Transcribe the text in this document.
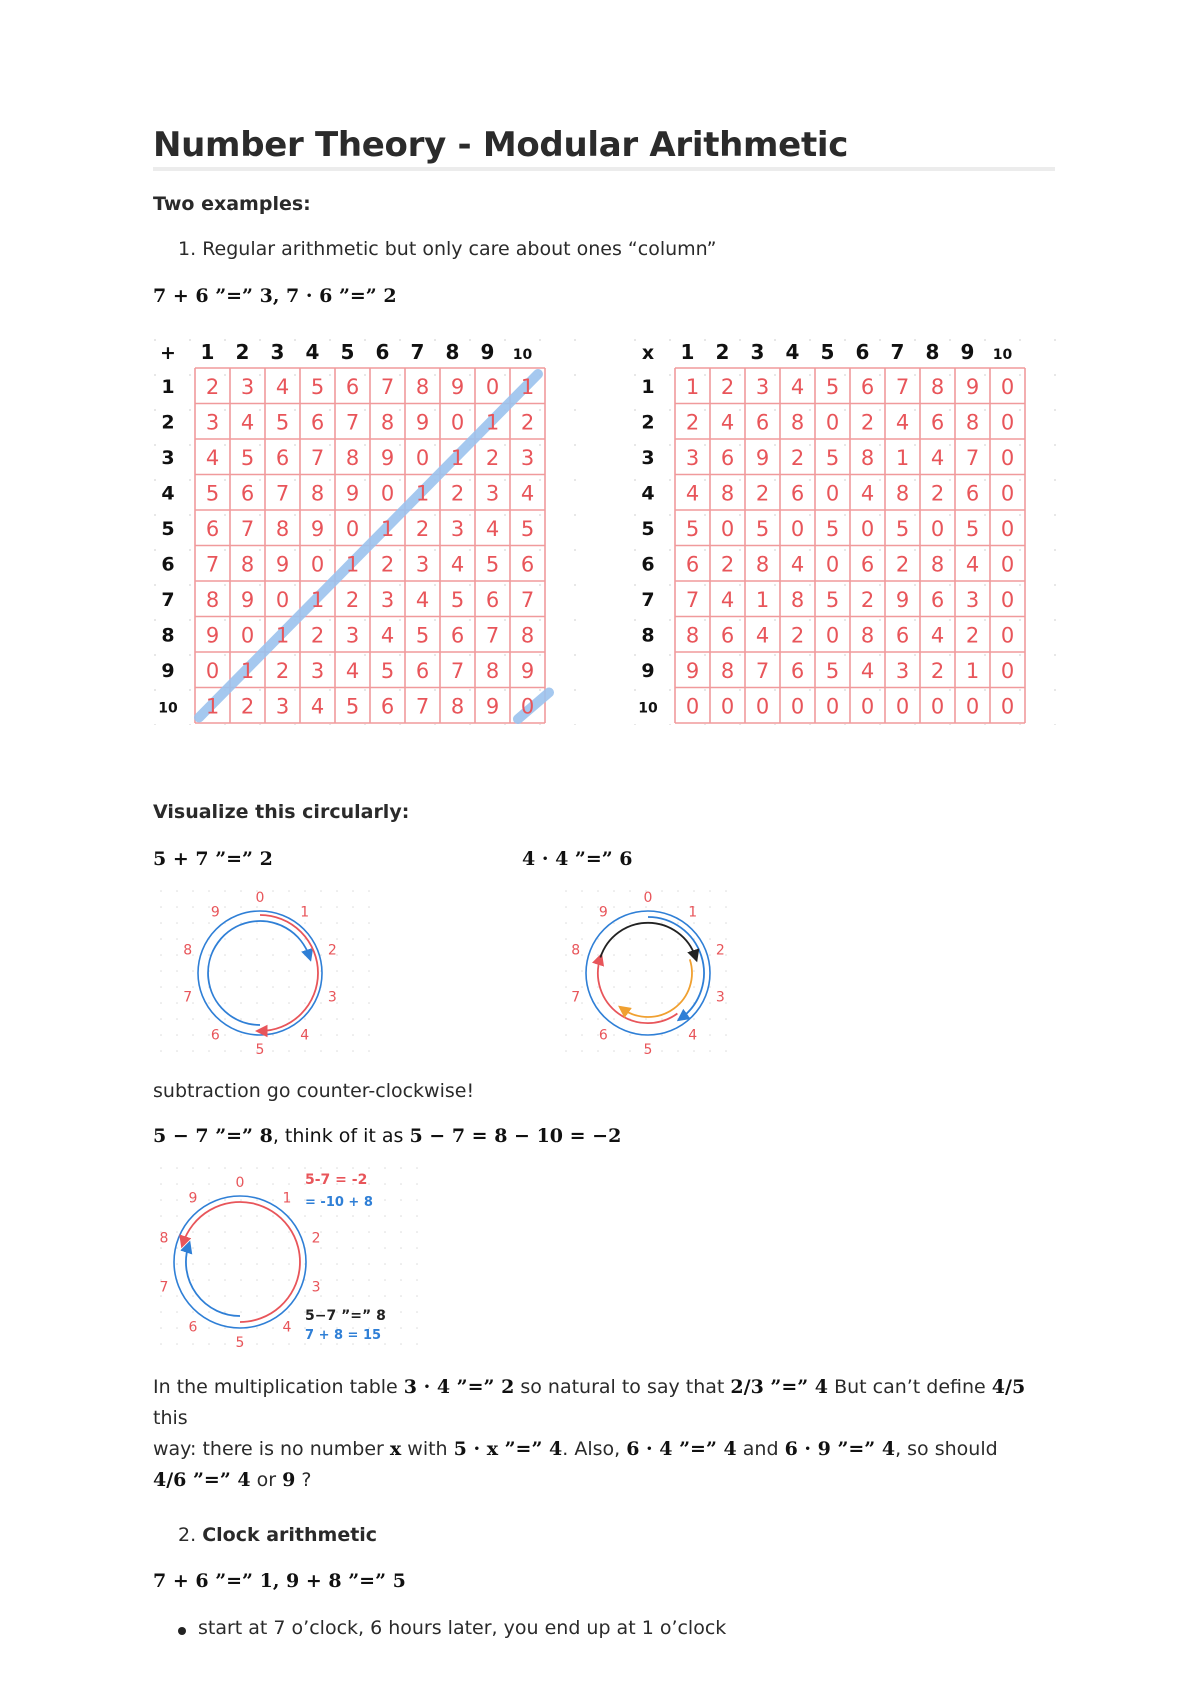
Number Theory - Modular Arithmetic
Two examples:
1. Regular arithmetic but only care about ones “column”
7 + 6 ”=” 3, 7 · 6 ”=” 2
+ 1
1
2
2
3
3
4
4
5
5
6
6
7
7
8
8
9
9
10
10
2 3 4 5 6 7 8 9 0 1
3 4 5 6 7 8 9 0 1 2
4 5 6 7 8 9 0 1 2 3
5 6 7 8 9 0 1 2 3 4
6 7 8 9 0 1 2 3 4 5
7 8 9 0 1 2 3 4 5 6
8 9 0 1 2 3 4 5 6 7
9 0 1 2 3 4 5 6 7 8
0 1 2 3 4 5 6 7 8 9
1 2 3 4 5 6 7 8 9 0
x 1
1
2
2
3
3
4
4
5
5
6
6
7
7
8
8
9
9
10
10
1 2 3 4 5 6 7 8 9 0
2 4 6 8 0 2 4 6 8 0
3 6 9 2 5 8 1 4 7 0
4 8 2 6 0 4 8 2 6 0
5 0 5 0 5 0 5 0 5 0
6 2 8 4 0 6 2 8 4 0
7 4 1 8 5 2 9 6 3 0
8 6 4 2 0 8 6 4 2 0
9 8 7 6 5 4 3 2 1 0
0 0 0 0 0 0 0 0 0 0
Visualize this circularly:
5 + 7 ”=” 2	4 · 4 ”=” 6
0
1
2
3
4
5
6
7
8
9
0
1
2
3
4
5
6
7
8
9
subtraction go counter-clockwise!
5 − 7 ”=” 8, think of it as 5 − 7 = 8 − 10 = −2
0
1
2
3
4
5
6
7
8
9
5-7 = -2
= -10 + 8
5−7 ”=” 8
7 + 8 = 15
In the multiplication table 3 · 4 ”=” 2 so natural to say that 2/3 ”=” 4 But can’t define 4/5 this
way: there is no number x with 5 · x ”=” 4. Also, 6 · 4 ”=” 4 and 6 · 9 ”=” 4, so should
4/6 ”=” 4 or 9 ?
2. Clock arithmetic
7 + 6 ”=” 1, 9 + 8 ”=” 5
start at 7 o’clock, 6 hours later, you end up at 1 o’clock
